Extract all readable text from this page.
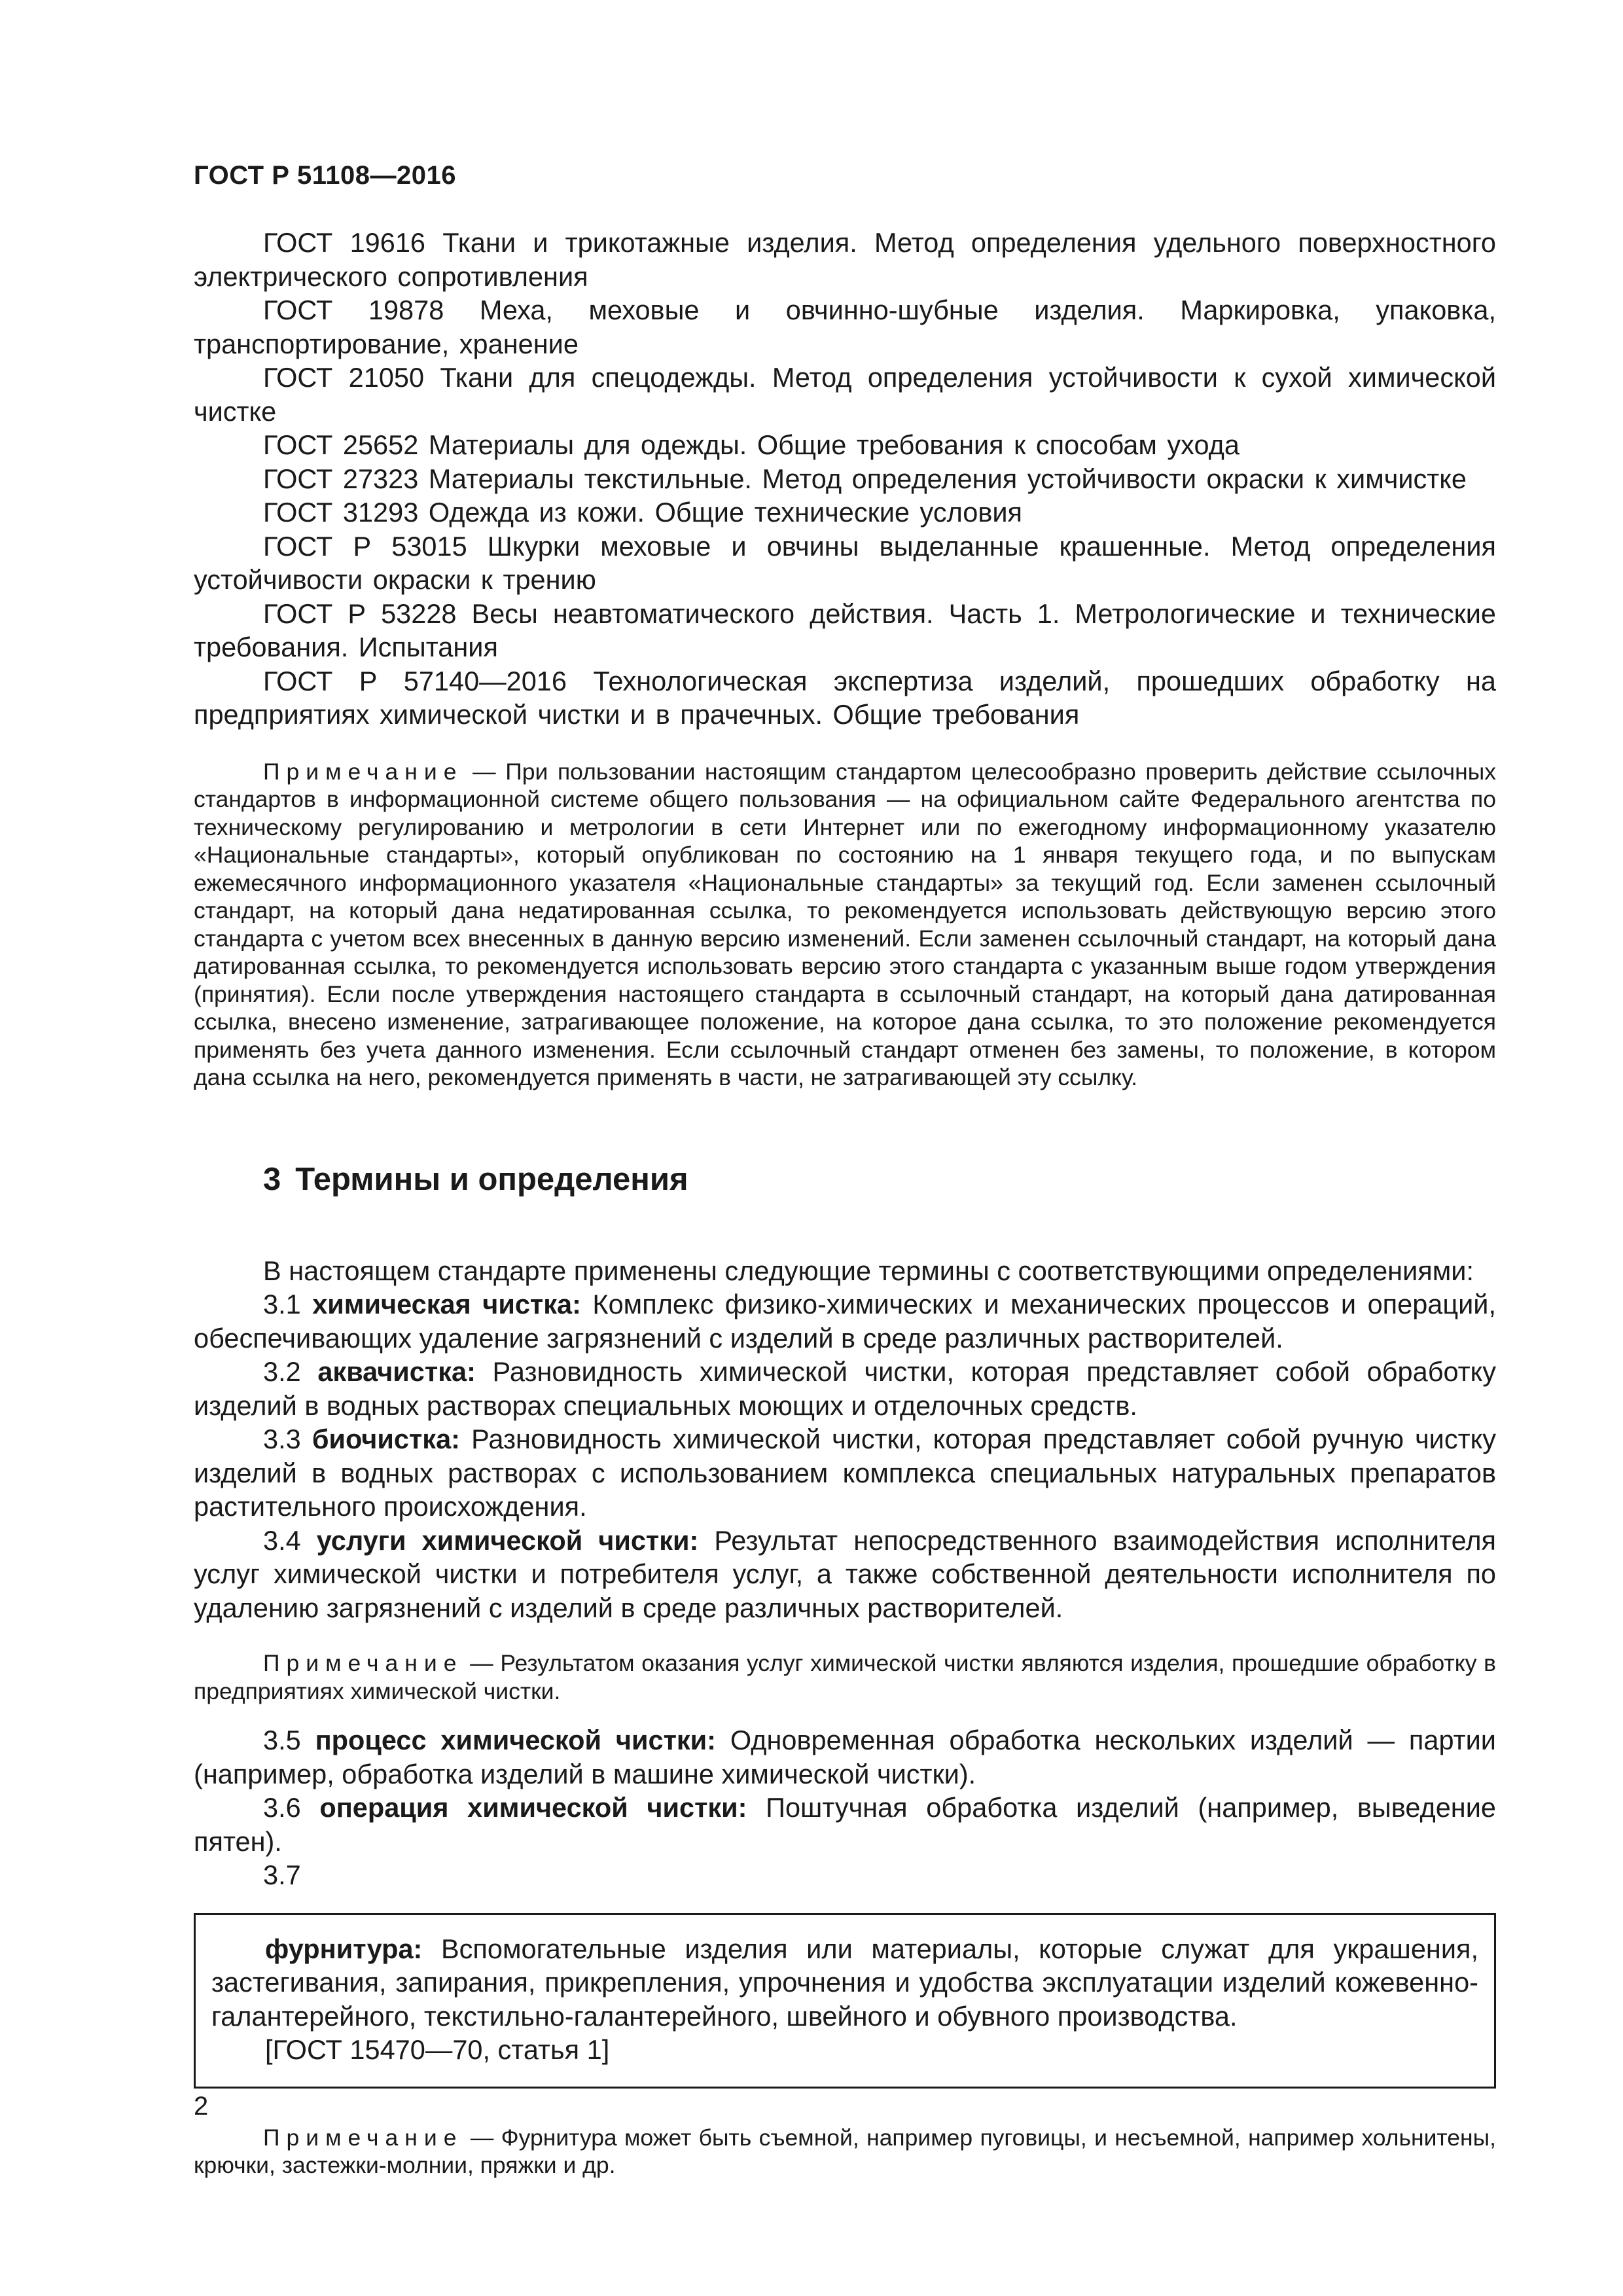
ГОСТ Р 51108—2016

ГОСТ 19616 Ткани и трикотажные изделия. Метод определения удельного поверхностного электрического сопротивления

ГОСТ 19878 Меха, меховые и овчинно-шубные изделия. Маркировка, упаковка, транспортирование, хранение

ГОСТ 21050 Ткани для спецодежды. Метод определения устойчивости к сухой химической чистке

ГОСТ 25652 Материалы для одежды. Общие требования к способам ухода

ГОСТ 27323 Материалы текстильные. Метод определения устойчивости окраски к химчистке

ГОСТ 31293 Одежда из кожи. Общие технические условия

ГОСТ Р 53015 Шкурки меховые и овчины выделанные крашенные. Метод определения устойчивости окраски к трению

ГОСТ Р 53228 Весы неавтоматического действия. Часть 1. Метрологические и технические требования. Испытания

ГОСТ Р 57140—2016 Технологическая экспертиза изделий, прошедших обработку на предприятиях химической чистки и в прачечных. Общие требования

Примечание — При пользовании настоящим стандартом целесообразно проверить действие ссылочных стандартов в информационной системе общего пользования — на официальном сайте Федерального агентства по техническому регулированию и метрологии в сети Интернет или по ежегодному информационному указателю «Национальные стандарты», который опубликован по состоянию на 1 января текущего года, и по выпускам ежемесячного информационного указателя «Национальные стандарты» за текущий год. Если заменен ссылочный стандарт, на который дана недатированная ссылка, то рекомендуется использовать действующую версию этого стандарта с учетом всех внесенных в данную версию изменений. Если заменен ссылочный стандарт, на который дана датированная ссылка, то рекомендуется использовать версию этого стандарта с указанным выше годом утверждения (принятия). Если после утверждения настоящего стандарта в ссылочный стандарт, на который дана датированная ссылка, внесено изменение, затрагивающее положение, на которое дана ссылка, то это положение рекомендуется применять без учета данного изменения. Если ссылочный стандарт отменен без замены, то положение, в котором дана ссылка на него, рекомендуется применять в части, не затрагивающей эту ссылку.

3 Термины и определения

В настоящем стандарте применены следующие термины с соответствующими определениями:

3.1 химическая чистка: Комплекс физико-химических и механических процессов и операций, обеспечивающих удаление загрязнений с изделий в среде различных растворителей.

3.2 аквачистка: Разновидность химической чистки, которая представляет собой обработку изделий в водных растворах специальных моющих и отделочных средств.

3.3 биочистка: Разновидность химической чистки, которая представляет собой ручную чистку изделий в водных растворах с использованием комплекса специальных натуральных препаратов растительного происхождения.

3.4 услуги химической чистки: Результат непосредственного взаимодействия исполнителя услуг химической чистки и потребителя услуг, а также собственной деятельности исполнителя по удалению загрязнений с изделий в среде различных растворителей.

Примечание — Результатом оказания услуг химической чистки являются изделия, прошедшие обработку в предприятиях химической чистки.

3.5 процесс химической чистки: Одновременная обработка нескольких изделий — партии (например, обработка изделий в машине химической чистки).

3.6 операция химической чистки: Поштучная обработка изделий (например, выведение пятен).

3.7

фурнитура: Вспомогательные изделия или материалы, которые служат для украшения, застегивания, запирания, прикрепления, упрочнения и удобства эксплуатации изделий кожевенно-галантерейного, текстильно-галантерейного, швейного и обувного производства.

[ГОСТ 15470—70, статья 1]

Примечание — Фурнитура может быть съемной, например пуговицы, и несъемной, например хольнитены, крючки, застежки-молнии, пряжки и др.

2
